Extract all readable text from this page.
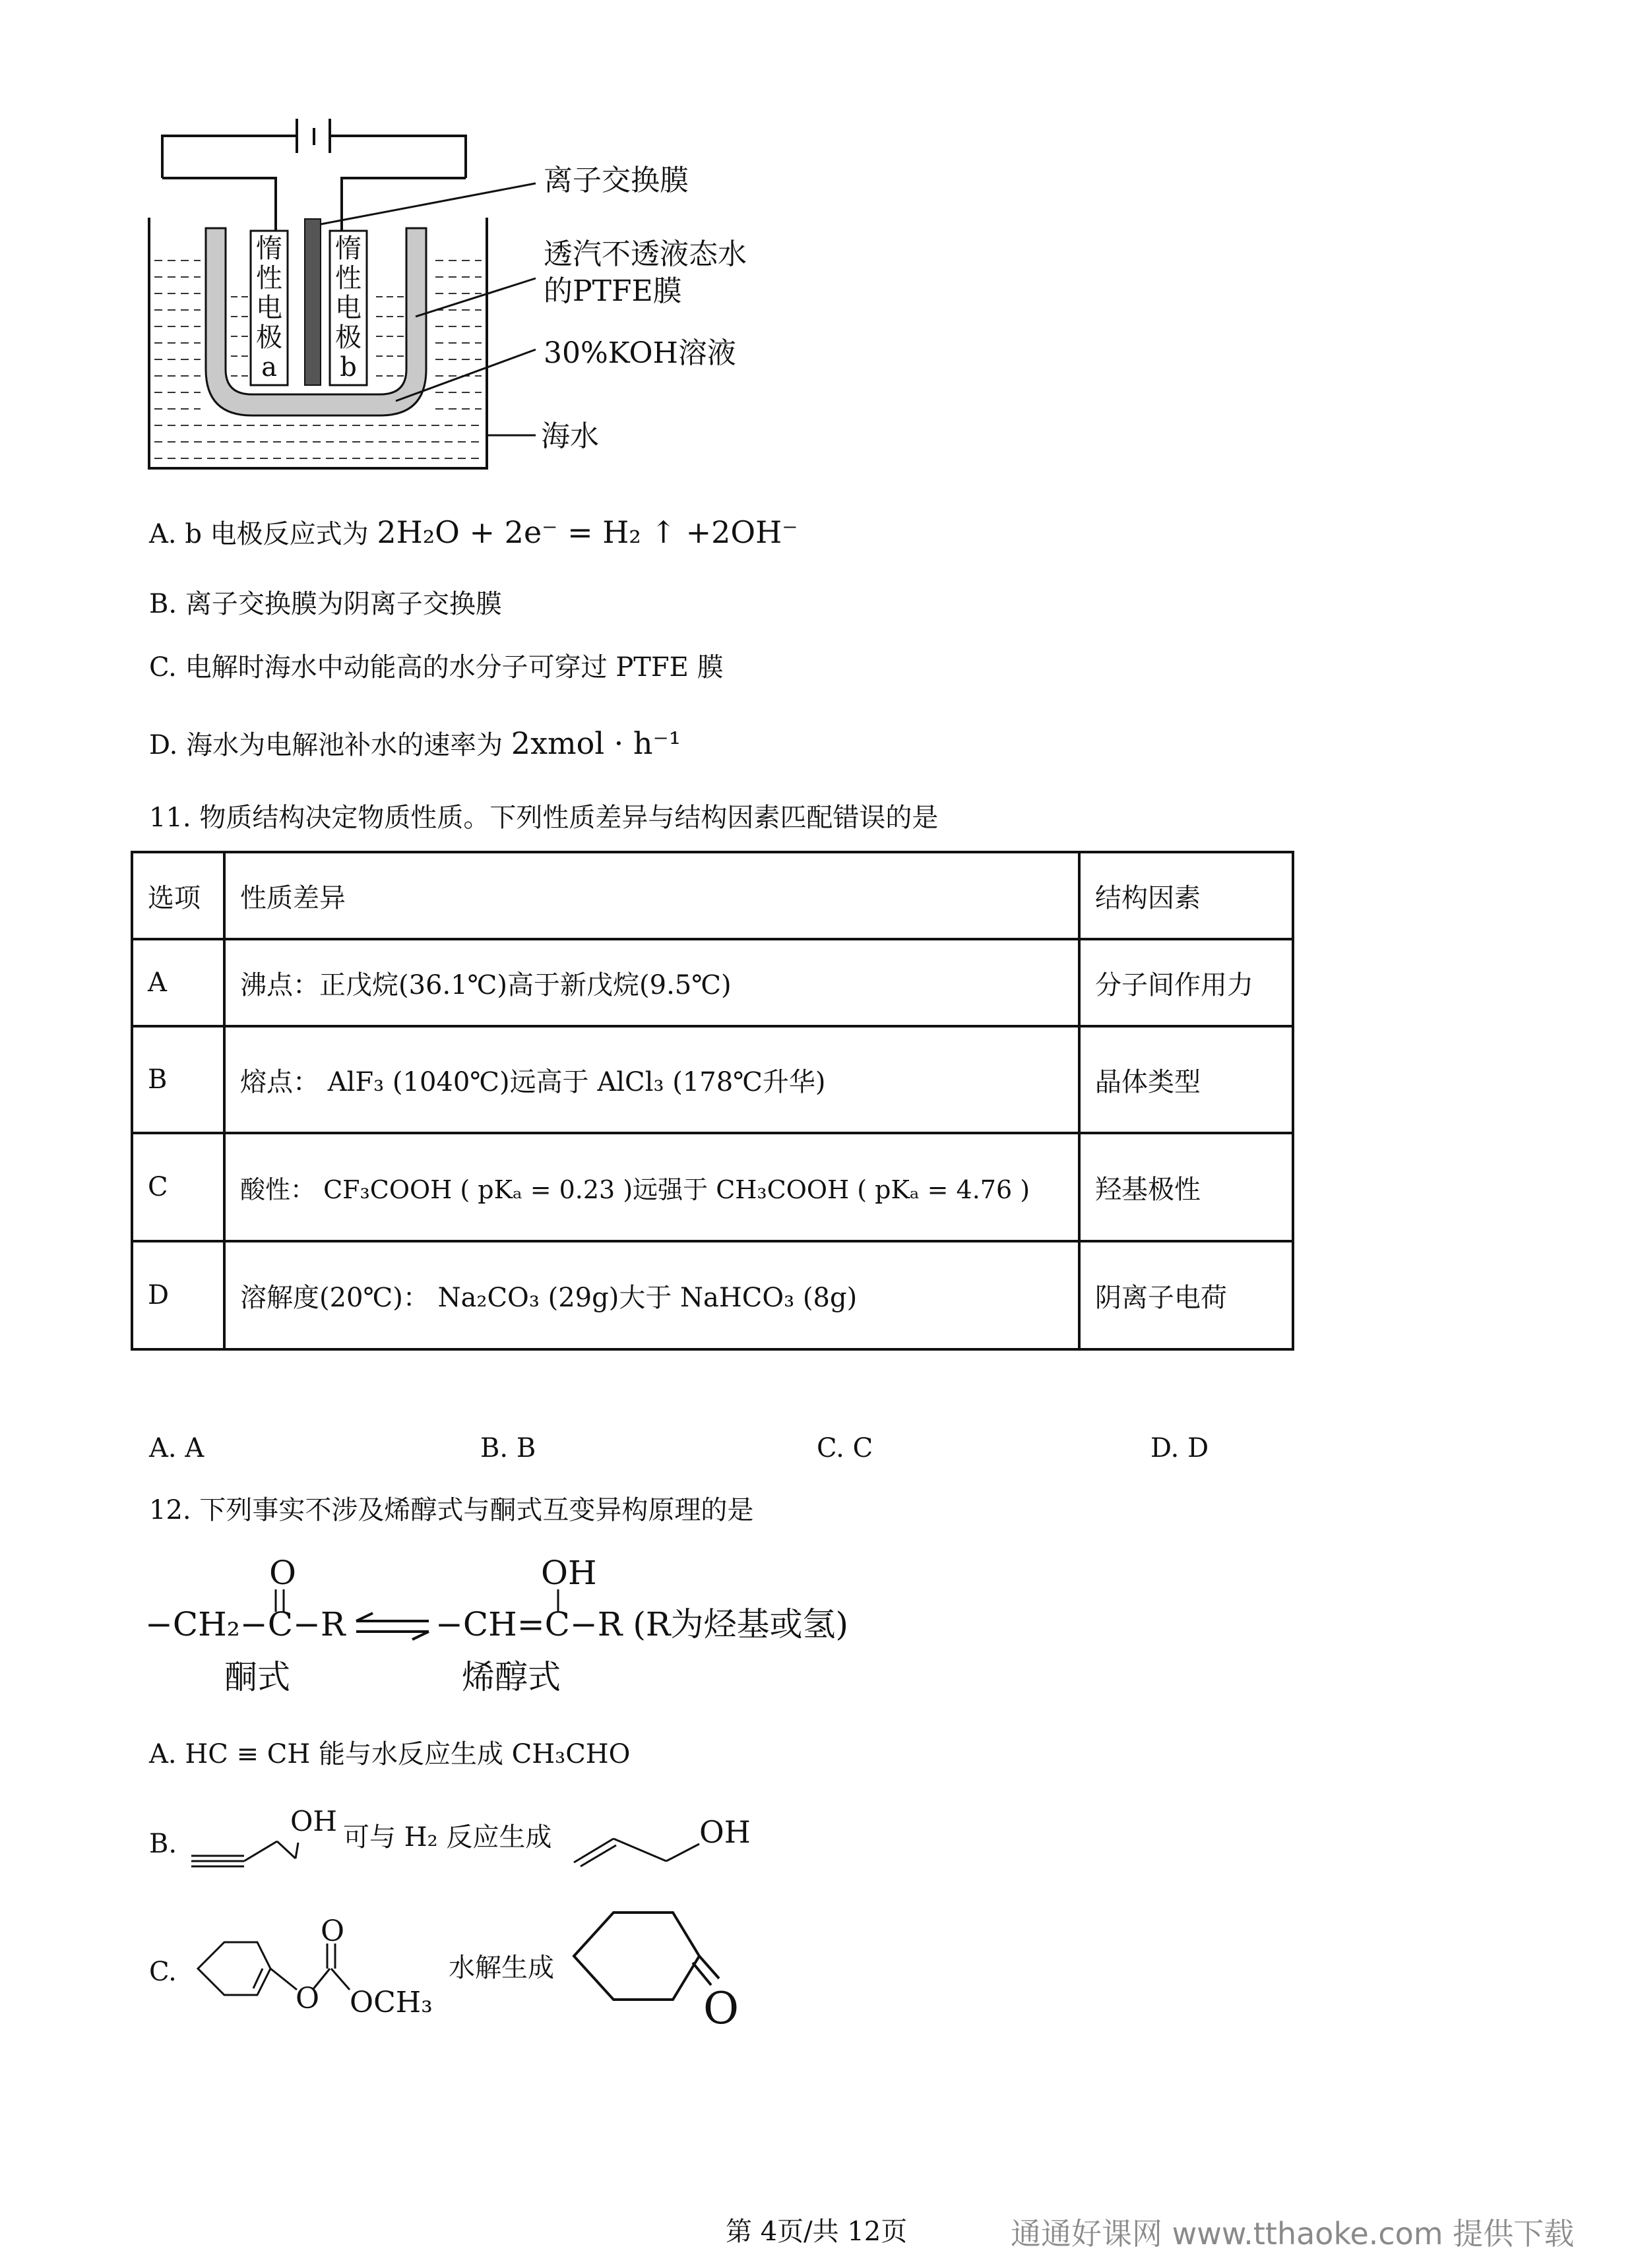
惰
性
电
极
a
惰
性
电
极
b
离子交换膜
透汽不透液态水
的PTFE膜
30%KOH溶液
海水
A. b 电极反应式为 2H₂O + 2e⁻ = H₂ ↑ +2OH⁻
B. 离子交换膜为阴离子交换膜
C. 电解时海水中动能高的水分子可穿过 PTFE 膜
D. 海水为电解池补水的速率为 2xmol · h⁻¹
11. 物质结构决定物质性质。下列性质差异与结构因素匹配错误的是
选项	性质差异	结构因素
A	沸点：正戊烷(36.1℃)高于新戊烷(9.5℃)	分子间作用力
B	熔点： AlF₃ (1040℃)远高于 AlCl₃ (178℃升华)	晶体类型
C	酸性： CF₃COOH ( pKₐ = 0.23 )远强于 CH₃COOH ( pKₐ = 4.76 )	羟基极性
D	溶解度(20℃)： Na₂CO₃ (29g)大于 NaHCO₃ (8g)	阴离子电荷
A. A	B. B	C. C	D. D
12. 下列事实不涉及烯醇式与酮式互变异构原理的是
O
−CH₂−C−R
OH
−CH=C−R (R为烃基或氢)
酮式	烯醇式
A. HC ≡ CH 能与水反应生成 CH₃CHO
B.
OH 可与 H₂ 反应生成	OH
C.
O
O OCH₃
水解生成
O
第 4页/共 12页	通通好课网 www.tthaoke.com 提供下载
